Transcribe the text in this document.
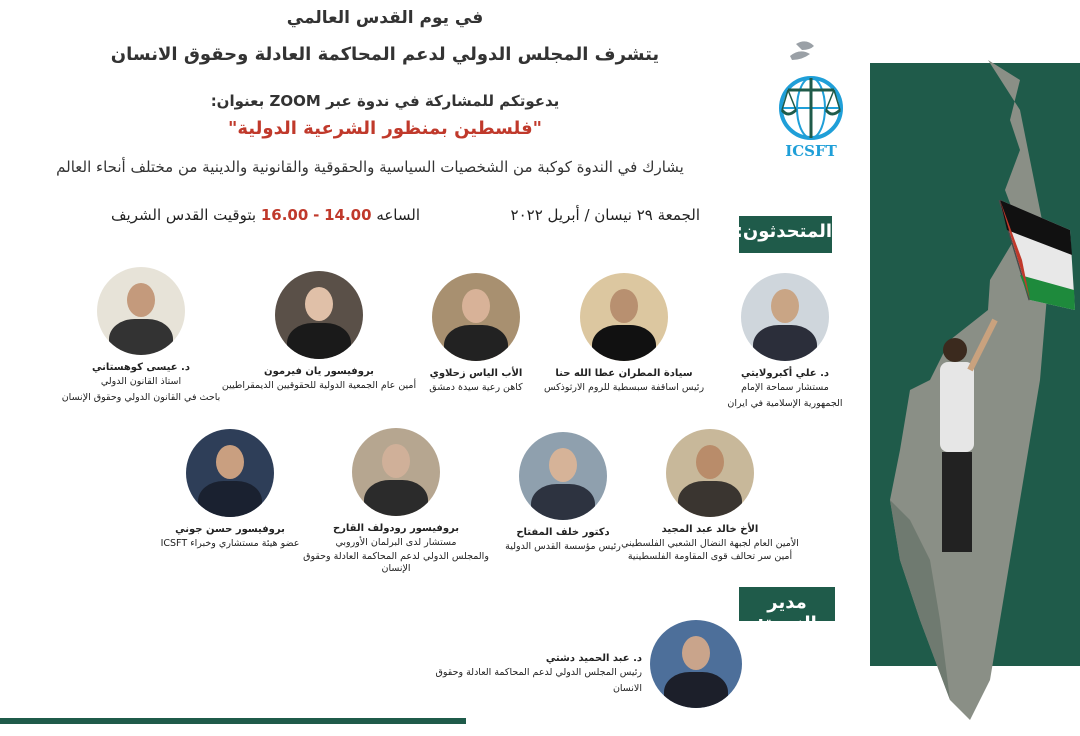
ICSFT
في يوم القدس العالمي
يتشرف المجلس الدولي لدعم المحاكمة العادلة وحقوق الانسان
يدعوتكم للمشاركة في ندوة عبر ZOOM بعنوان:
"فلسطين بمنظور الشرعية الدولية"
يشارك في الندوة كوكبة من الشخصيات السياسية والحقوقية والقانونية والدينية من مختلف أنحاء العالم
الجمعة ٢٩ نيسان / أبريل ٢٠٢٢
الساعه 14.00 - 16.00 بتوقيت القدس الشريف
المتحدثون:
مدير الندوة:
د. علي أكبرولايتي
مستشار سماحة الإمام
الجمهورية الإسلامية في ايران
سيادة المطران عطا الله حنا
رئيس اساقفة سبسطية للروم الارثوذكس
الأب الياس زحلاوي
كاهن رعية سيدة دمشق
بروفيسور يان فيرمون
أمين عام الجمعية الدولية للحقوقيين الديمقراطيين
د. عيسى كوهستاني
استاذ القانون الدولي
باحث في القانون الدولي وحقوق الإنسان
الأخ خالد عبد المجيد
الأمين العام لجبهة النضال الشعبي الفلسطيني
أمين سر تحالف قوى المقاومة الفلسطينية
دكتور خلف المفتاح
رئيس مؤسسة القدس الدولية
بروفيسور رودولف القارح
مستشار لدى البرلمان الأوروبي
والمجلس الدولي لدعم المحاكمة العادلة وحقوق الإنسان
بروفيسور حسن جوني
عضو هيئة مستشاري وخبراء ICSFT
د. عبد الحميد دشتي
رئيس المجلس الدولي لدعم المحاكمة العادلة وحقوق الانسان
